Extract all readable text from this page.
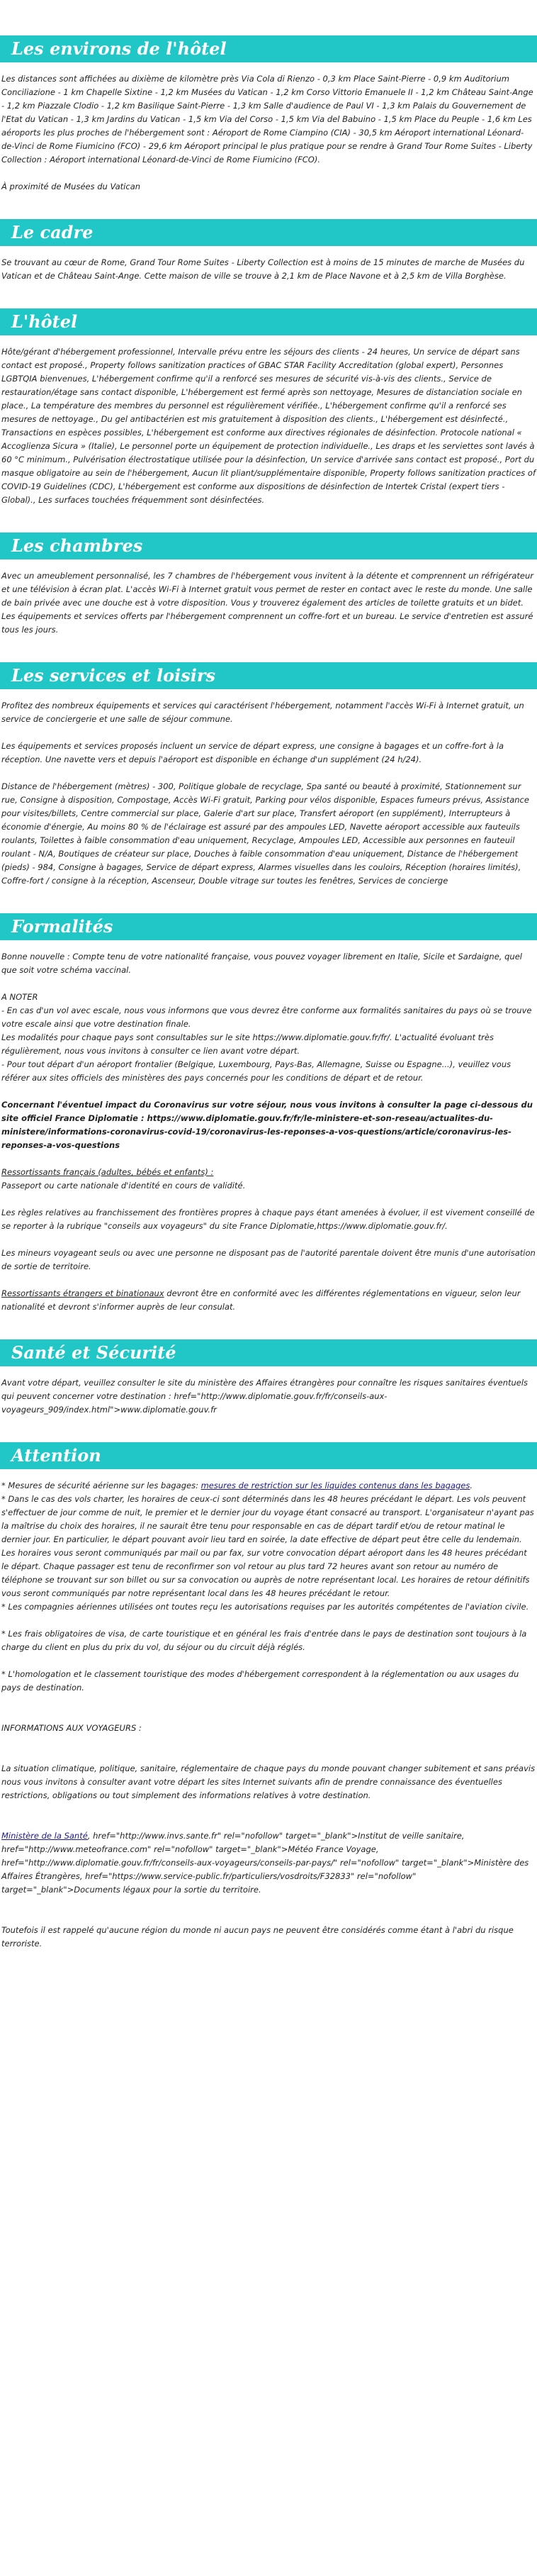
Les environs de l'hôtel

Les distances sont affichées au dixième de kilomètre près Via Cola di Rienzo - 0,3 km Place Saint-Pierre - 0,9 km Auditorium Conciliazione - 1 km Chapelle Sixtine - 1,2 km Musées du Vatican - 1,2 km Corso Vittorio Emanuele II - 1,2 km Château Saint-Ange - 1,2 km Piazzale Clodio - 1,2 km Basilique Saint-Pierre - 1,3 km Salle d'audience de Paul VI - 1,3 km Palais du Gouvernement de l'Etat du Vatican - 1,3 km Jardins du Vatican - 1,5 km Via del Corso - 1,5 km Via del Babuino - 1,5 km Place du Peuple - 1,6 km Les aéroports les plus proches de l'hébergement sont : Aéroport de Rome Ciampino (CIA) - 30,5 km Aéroport international Léonard-de-Vinci de Rome Fiumicino (FCO) - 29,6 km Aéroport principal le plus pratique pour se rendre à Grand Tour Rome Suites - Liberty Collection : Aéroport international Léonard-de-Vinci de Rome Fiumicino (FCO).

À proximité de Musées du Vatican

Le cadre

Se trouvant au cœur de Rome, Grand Tour Rome Suites - Liberty Collection est à moins de 15 minutes de marche de Musées du Vatican et de Château Saint-Ange. Cette maison de ville se trouve à 2,1 km de Place Navone et à 2,5 km de Villa Borghèse.

L'hôtel

Hôte/gérant d'hébergement professionnel, Intervalle prévu entre les séjours des clients - 24 heures, Un service de départ sans contact est proposé., Property follows sanitization practices of GBAC STAR Facility Accreditation (global expert), Personnes LGBTQIA bienvenues, L'hébergement confirme qu'il a renforcé ses mesures de sécurité vis-à-vis des clients., Service de restauration/étage sans contact disponible, L'hébergement est fermé après son nettoyage, Mesures de distanciation sociale en place., La température des membres du personnel est régulièrement vérifiée., L'hébergement confirme qu'il a renforcé ses mesures de nettoyage., Du gel antibactérien est mis gratuitement à disposition des clients., L'hébergement est désinfecté., Transactions en espèces possibles, L'hébergement est conforme aux directives régionales de désinfection. Protocole national « Accoglienza Sicura » (Italie), Le personnel porte un équipement de protection individuelle., Les draps et les serviettes sont lavés à 60 °C minimum., Pulvérisation électrostatique utilisée pour la désinfection, Un service d'arrivée sans contact est proposé., Port du masque obligatoire au sein de l'hébergement, Aucun lit pliant/supplémentaire disponible, Property follows sanitization practices of COVID-19 Guidelines (CDC), L'hébergement est conforme aux dispositions de désinfection de Intertek Cristal (expert tiers - Global)., Les surfaces touchées fréquemment sont désinfectées.

Les chambres

Avec un ameublement personnalisé, les 7 chambres de l'hébergement vous invitent à la détente et comprennent un réfrigérateur et une télévision à écran plat. L'accès Wi-Fi à Internet gratuit vous permet de rester en contact avec le reste du monde. Une salle de bain privée avec une douche est à votre disposition. Vous y trouverez également des articles de toilette gratuits et un bidet. Les équipements et services offerts par l'hébergement comprennent un coffre-fort et un bureau. Le service d'entretien est assuré tous les jours.

Les services et loisirs

Profitez des nombreux équipements et services qui caractérisent l'hébergement, notamment l'accès Wi-Fi à Internet gratuit, un service de conciergerie et une salle de séjour commune.

Les équipements et services proposés incluent un service de départ express, une consigne à bagages et un coffre-fort à la réception. Une navette vers et depuis l'aéroport est disponible en échange d'un supplément (24 h/24).

Distance de l'hébergement (mètres) - 300, Politique globale de recyclage, Spa santé ou beauté à proximité, Stationnement sur rue, Consigne à disposition, Compostage, Accès Wi-Fi gratuit, Parking pour vélos disponible, Espaces fumeurs prévus, Assistance pour visites/billets, Centre commercial sur place, Galerie d'art sur place, Transfert aéroport (en supplément), Interrupteurs à économie d'énergie, Au moins 80 % de l'éclairage est assuré par des ampoules LED, Navette aéroport accessible aux fauteuils roulants, Toilettes à faible consommation d'eau uniquement, Recyclage, Ampoules LED, Accessible aux personnes en fauteuil roulant - N/A, Boutiques de créateur sur place, Douches à faible consommation d'eau uniquement, Distance de l'hébergement (pieds) - 984, Consigne à bagages, Service de départ express, Alarmes visuelles dans les couloirs, Réception (horaires limités), Coffre-fort / consigne à la réception, Ascenseur, Double vitrage sur toutes les fenêtres, Services de concierge

Formalités

Bonne nouvelle : Compte tenu de votre nationalité française, vous pouvez voyager librement en Italie, Sicile et Sardaigne, quel que soit votre schéma vaccinal.

A NOTER

- En cas d'un vol avec escale, nous vous informons que vous devrez être conforme aux formalités sanitaires du pays où se trouve votre escale ainsi que votre destination finale.

Les modalités pour chaque pays sont consultables sur le site https://www.diplomatie.gouv.fr/fr/. L'actualité évoluant très régulièrement, nous vous invitons à consulter ce lien avant votre départ.

- Pour tout départ d'un aéroport frontalier (Belgique, Luxembourg, Pays-Bas, Allemagne, Suisse ou Espagne...), veuillez vous référer aux sites officiels des ministères des pays concernés pour les conditions de départ et de retour.

Concernant l'éventuel impact du Coronavirus sur votre séjour, nous vous invitons à consulter la page ci-dessous du site officiel France Diplomatie : https://www.diplomatie.gouv.fr/fr/le-ministere-et-son-reseau/actualites-du-ministere/informations-coronavirus-covid-19/coronavirus-les-reponses-a-vos-questions/article/coronavirus-les-reponses-a-vos-questions

Ressortissants français (adultes, bébés et enfants) :
Passeport ou carte nationale d'identité en cours de validité.

Les règles relatives au franchissement des frontières propres à chaque pays étant amenées à évoluer, il est vivement conseillé de se reporter à la rubrique "conseils aux voyageurs" du site France Diplomatie,https://www.diplomatie.gouv.fr/.

Les mineurs voyageant seuls ou avec une personne ne disposant pas de l'autorité parentale doivent être munis d'une autorisation de sortie de territoire.

Ressortissants étrangers et binationaux devront être en conformité avec les différentes réglementations en vigueur, selon leur nationalité et devront s'informer auprès de leur consulat.

Santé et Sécurité

Avant votre départ, veuillez consulter le site du ministère des Affaires étrangères pour connaître les risques sanitaires éventuels qui peuvent concerner votre destination : href="http://www.diplomatie.gouv.fr/fr/conseils-aux-voyageurs_909/index.html">www.diplomatie.gouv.fr

Attention

* Mesures de sécurité aérienne sur les bagages: mesures de restriction sur les liquides contenus dans les bagages.

* Dans le cas des vols charter, les horaires de ceux-ci sont déterminés dans les 48 heures précédant le départ. Les vols peuvent s'effectuer de jour comme de nuit, le premier et le dernier jour du voyage étant consacré au transport. L'organisateur n'ayant pas la maîtrise du choix des horaires, il ne saurait être tenu pour responsable en cas de départ tardif et/ou de retour matinal le dernier jour. En particulier, le départ pouvant avoir lieu tard en soirée, la date effective de départ peut être celle du lendemain. Les horaires vous seront communiqués par mail ou par fax, sur votre convocation départ aéroport dans les 48 heures précédant le départ. Chaque passager est tenu de reconfirmer son vol retour au plus tard 72 heures avant son retour au numéro de téléphone se trouvant sur son billet ou sur sa convocation ou auprès de notre représentant local. Les horaires de retour définitifs vous seront communiqués par notre représentant local dans les 48 heures précédant le retour.

* Les compagnies aériennes utilisées ont toutes reçu les autorisations requises par les autorités compétentes de l'aviation civile.

* Les frais obligatoires de visa, de carte touristique et en général les frais d'entrée dans le pays de destination sont toujours à la charge du client en plus du prix du vol, du séjour ou du circuit déjà réglés.

* L'homologation et le classement touristique des modes d'hébergement correspondent à la réglementation ou aux usages du pays de destination.

INFORMATIONS AUX VOYAGEURS :

La situation climatique, politique, sanitaire, réglementaire de chaque pays du monde pouvant changer subitement et sans préavis

nous vous invitons à consulter avant votre départ les sites Internet suivants afin de prendre connaissance des éventuelles restrictions, obligations ou tout simplement des informations relatives à votre destination.

Ministère de la Santé, href="http://www.invs.sante.fr" rel="nofollow" target="_blank">Institut de veille sanitaire, href="http://www.meteofrance.com" rel="nofollow" target="_blank">Météo France Voyage, href="http://www.diplomatie.gouv.fr/fr/conseils-aux-voyageurs/conseils-par-pays/" rel="nofollow" target="_blank">Ministère des Affaires Étrangères, href="https://www.service-public.fr/particuliers/vosdroits/F32833" rel="nofollow" target="_blank">Documents légaux pour la sortie du territoire.

Toutefois il est rappelé qu'aucune région du monde ni aucun pays ne peuvent être considérés comme étant à l'abri du risque terroriste.
